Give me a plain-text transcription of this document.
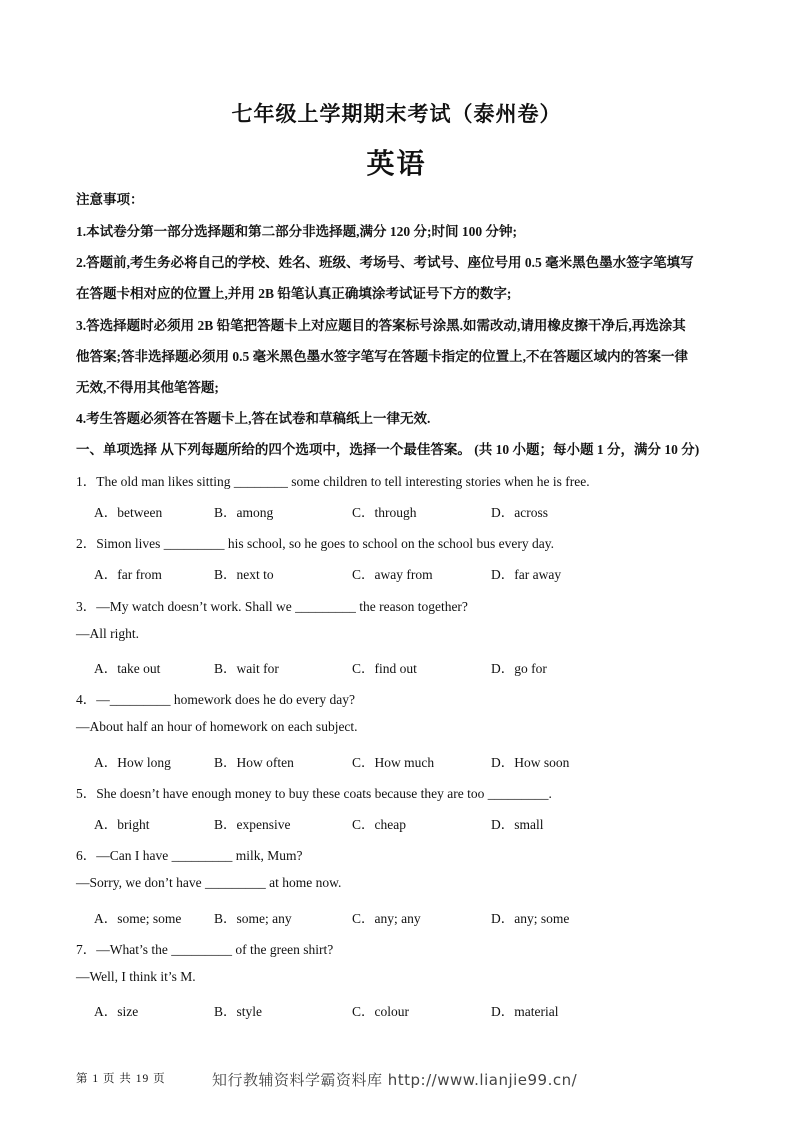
七年级上学期期末考试（泰州卷）
英语
注意事项：
1.本试卷分第一部分选择题和第二部分非选择题,满分 120 分;时间 100 分钟;
2.答题前,考生务必将自己的学校、姓名、班级、考场号、考试号、座位号用 0.5 毫米黑色墨水签字笔填写
在答题卡相对应的位置上,并用 2B 铅笔认真正确填涂考试证号下方的数字;
3.答选择题时必须用 2B 铅笔把答题卡上对应题目的答案标号涂黑.如需改动,请用橡皮擦干净后,再选涂其
他答案;答非选择题必须用 0.5 毫米黑色墨水签字笔写在答题卡指定的位置上,不在答题区域内的答案一律
无效,不得用其他笔答题;
4.考生答题必须答在答题卡上,答在试卷和草稿纸上一律无效.
一、单项选择 从下列每题所给的四个选项中，选择一个最佳答案。 (共 10 小题；每小题 1 分，满分 10 分)
1．The old man likes sitting ________ some children to tell interesting stories when he is free.
A．between	B．among	C．through	D．across
2．Simon lives _________ his school, so he goes to school on the school bus every day.
A．far from	B．next to	C．away from	D．far away
3．—My watch doesn’t work. Shall we _________ the reason together?
—All right.
A．take out	B．wait for	C．find out	D．go for
4．—_________ homework does he do every day?
—About half an hour of homework on each subject.
A．How long	B．How often	C．How much	D．How soon
5．She doesn’t have enough money to buy these coats because they are too _________.
A．bright	B．expensive	C．cheap	D．small
6．—Can I have _________ milk, Mum?
—Sorry, we don’t have _________ at home now.
A．some; some B．some; any	C．any; any	D．any; some
7．—What’s the _________ of the green shirt?
—Well, I think it’s M.
A．size	B．style	C．colour	D．material
第 1 页 共 19 页	知行教辅资料学霸资料库 http://www.lianjie99.cn/
